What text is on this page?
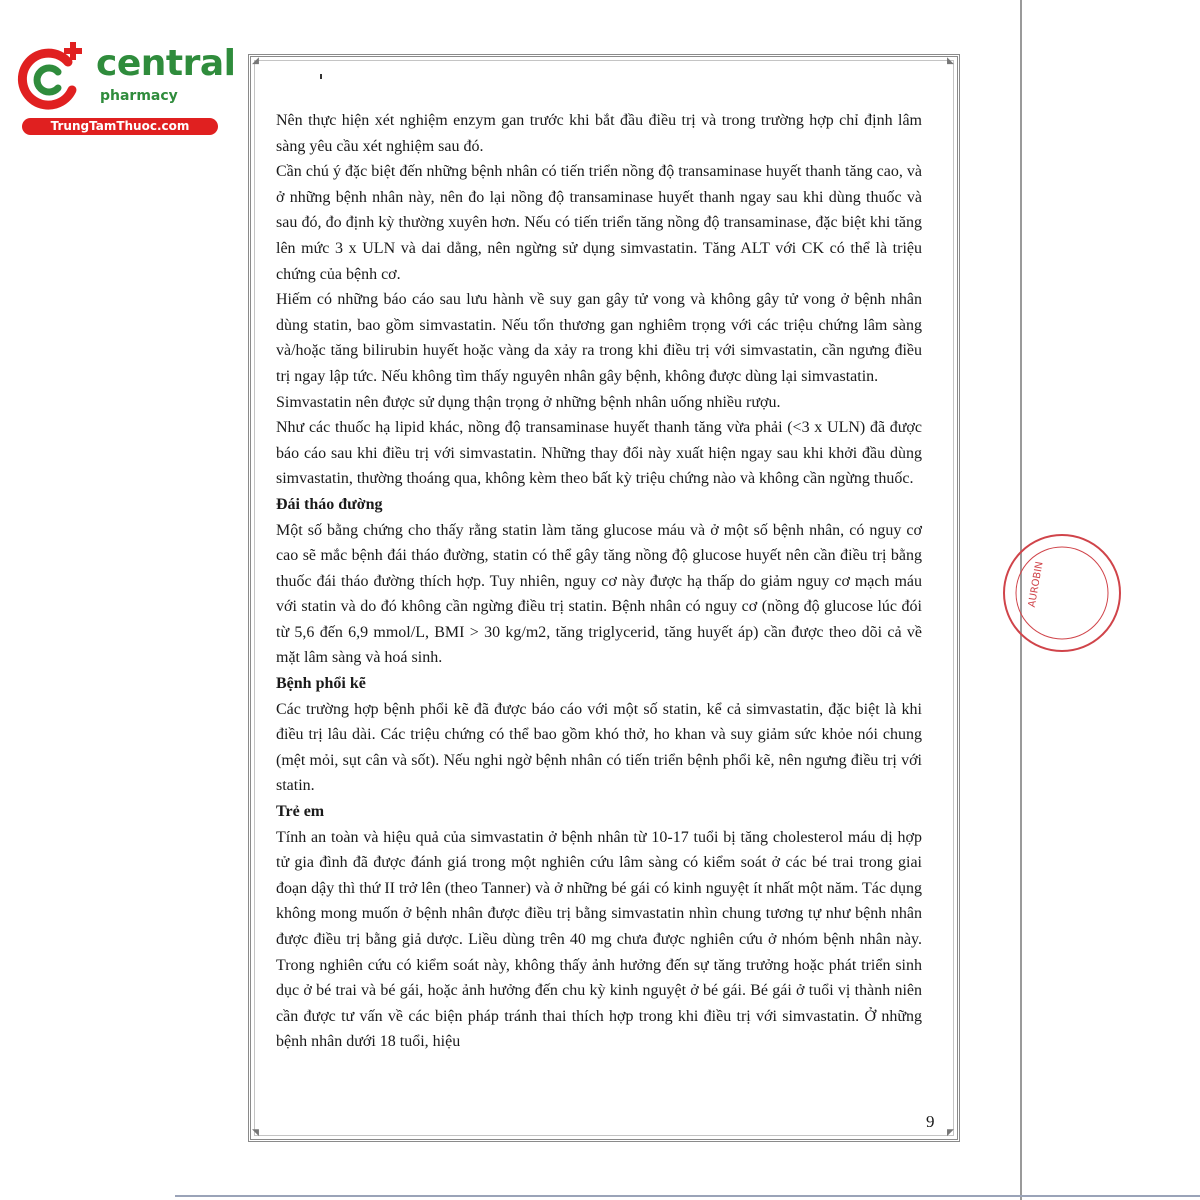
central
pharmacy
TrungTamThuoc.com
AUROBIN
◢	◣
◥	◤

Nên thực hiện xét nghiệm enzym gan trước khi bắt đầu điều trị và trong trường hợp chỉ định lâm sàng yêu cầu xét nghiệm sau đó.

Cần chú ý đặc biệt đến những bệnh nhân có tiến triển nồng độ transaminase huyết thanh tăng cao, và ở những bệnh nhân này, nên đo lại nồng độ transaminase huyết thanh ngay sau khi dùng thuốc và sau đó, đo định kỳ thường xuyên hơn. Nếu có tiến triển tăng nồng độ transaminase, đặc biệt khi tăng lên mức 3 x ULN và dai dẳng, nên ngừng sử dụng simvastatin. Tăng ALT với CK có thể là triệu chứng của bệnh cơ.

Hiếm có những báo cáo sau lưu hành về suy gan gây tử vong và không gây tử vong ở bệnh nhân dùng statin, bao gồm simvastatin. Nếu tổn thương gan nghiêm trọng với các triệu chứng lâm sàng và/hoặc tăng bilirubin huyết hoặc vàng da xảy ra trong khi điều trị với simvastatin, cần ngưng điều trị ngay lập tức. Nếu không tìm thấy nguyên nhân gây bệnh, không được dùng lại simvastatin.

Simvastatin nên được sử dụng thận trọng ở những bệnh nhân uống nhiều rượu.

Như các thuốc hạ lipid khác, nồng độ transaminase huyết thanh tăng vừa phải (<3 x ULN) đã được báo cáo sau khi điều trị với simvastatin. Những thay đổi này xuất hiện ngay sau khi khởi đầu dùng simvastatin, thường thoáng qua, không kèm theo bất kỳ triệu chứng nào và không cần ngừng thuốc.

Đái tháo đường

Một số bằng chứng cho thấy rằng statin làm tăng glucose máu và ở một số bệnh nhân, có nguy cơ cao sẽ mắc bệnh đái tháo đường, statin có thể gây tăng nồng độ glucose huyết nên cần điều trị bằng thuốc đái tháo đường thích hợp. Tuy nhiên, nguy cơ này được hạ thấp do giảm nguy cơ mạch máu với statin và do đó không cần ngừng điều trị statin. Bệnh nhân có nguy cơ (nồng độ glucose lúc đói từ 5,6 đến 6,9 mmol/L, BMI > 30 kg/m2, tăng triglycerid, tăng huyết áp) cần được theo dõi cả về mặt lâm sàng và hoá sinh.

Bệnh phổi kẽ

Các trường hợp bệnh phổi kẽ đã được báo cáo với một số statin, kể cả simvastatin, đặc biệt là khi điều trị lâu dài. Các triệu chứng có thể bao gồm khó thở, ho khan và suy giảm sức khỏe nói chung (mệt mỏi, sụt cân và sốt). Nếu nghi ngờ bệnh nhân có tiến triển bệnh phổi kẽ, nên ngưng điều trị với statin.

Trẻ em

Tính an toàn và hiệu quả của simvastatin ở bệnh nhân từ 10-17 tuổi bị tăng cholesterol máu dị hợp tử gia đình đã được đánh giá trong một nghiên cứu lâm sàng có kiểm soát ở các bé trai trong giai đoạn dậy thì thứ II trở lên (theo Tanner) và ở những bé gái có kinh nguyệt ít nhất một năm. Tác dụng không mong muốn ở bệnh nhân được điều trị bằng simvastatin nhìn chung tương tự như bệnh nhân được điều trị bằng giả dược. Liều dùng trên 40 mg chưa được nghiên cứu ở nhóm bệnh nhân này. Trong nghiên cứu có kiểm soát này, không thấy ảnh hưởng đến sự tăng trưởng hoặc phát triển sinh dục ở bé trai và bé gái, hoặc ảnh hưởng đến chu kỳ kinh nguyệt ở bé gái. Bé gái ở tuổi vị thành niên cần được tư vấn về các biện pháp tránh thai thích hợp trong khi điều trị với simvastatin. Ở những bệnh nhân dưới 18 tuổi, hiệu

9
